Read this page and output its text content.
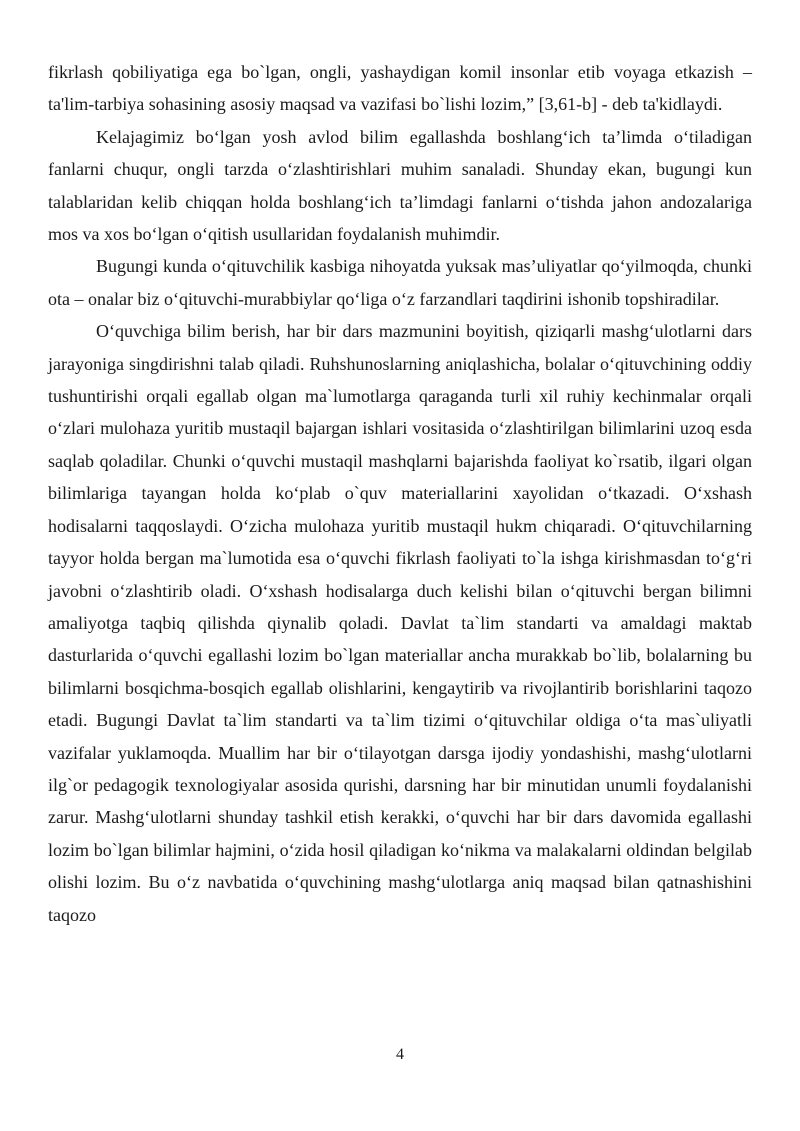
fikrlash qobiliyatiga ega bo`lgan, ongli, yashaydigan komil insonlar etib voyaga etkazish – ta'lim-tarbiya sohasining asosiy maqsad va vazifasi bo`lishi lozim,” [3,61-b] - deb ta'kidlaydi.

Kelajagimiz boʻlgan yosh avlod bilim egallashda boshlangʻich taʼlimda oʻtiladigan fanlarni chuqur, ongli tarzda oʻzlashtirishlari muhim sanaladi. Shunday ekan, bugungi kun talablaridan kelib chiqqan holda boshlangʻich taʼlimdagi fanlarni oʻtishda jahon andozalariga mos va xos boʻlgan oʻqitish usullaridan foydalanish muhimdir.

Bugungi kunda oʻqituvchilik kasbiga nihoyatda yuksak masʼuliyatlar qoʻyilmoqda, chunki ota – onalar biz oʻqituvchi-murabbiylar qoʻliga oʻz farzandlari taqdirini ishonib topshiradilar.

Oʻquvchiga bilim berish, har bir dars mazmunini boyitish, qiziqarli mashgʻulotlarni dars jarayoniga singdirishni talab qiladi. Ruhshunoslarning aniqlashicha, bolalar oʻqituvchining oddiy tushuntirishi orqali egallab olgan ma`lumotlarga qaraganda turli xil ruhiy kechinmalar orqali oʻzlari mulohaza yuritib mustaqil bajargan ishlari vositasida oʻzlashtirilgan bilimlarini uzoq esda saqlab qoladilar. Chunki oʻquvchi mustaqil mashqlarni bajarishda faoliyat ko`rsatib, ilgari olgan bilimlariga tayangan holda koʻplab o`quv materiallarini xayolidan oʻtkazadi. Oʻxshash hodisalarni taqqoslaydi. Oʻzicha mulohaza yuritib mustaqil hukm chiqaradi. Oʻqituvchilarning tayyor holda bergan ma`lumotida esa oʻquvchi fikrlash faoliyati to`la ishga kirishmasdan toʻgʻri javobni oʻzlashtirib oladi. Oʻxshash hodisalarga duch kelishi bilan oʻqituvchi bergan bilimni amaliyotga taqbiq qilishda qiynalib qoladi. Davlat ta`lim standarti va amaldagi maktab dasturlarida oʻquvchi egallashi lozim bo`lgan materiallar ancha murakkab bo`lib, bolalarning bu bilimlarni bosqichma-bosqich egallab olishlarini, kengaytirib va rivojlantirib borishlarini taqozo etadi. Bugungi Davlat ta`lim standarti va ta`lim tizimi oʻqituvchilar oldiga oʻta mas`uliyatli vazifalar yuklamoqda. Muallim har bir oʻtilayotgan darsga ijodiy yondashishi, mashgʻulotlarni ilg`or pedagogik texnologiyalar asosida qurishi, darsning har bir minutidan unumli foydalanishi zarur. Mashgʻulotlarni shunday tashkil etish kerakki, oʻquvchi har bir dars davomida egallashi lozim bo`lgan bilimlar hajmini, oʻzida hosil qiladigan koʻnikma va malakalarni oldindan belgilab olishi lozim. Bu oʻz navbatida oʻquvchining mashgʻulotlarga aniq maqsad bilan qatnashishini taqozo

4
